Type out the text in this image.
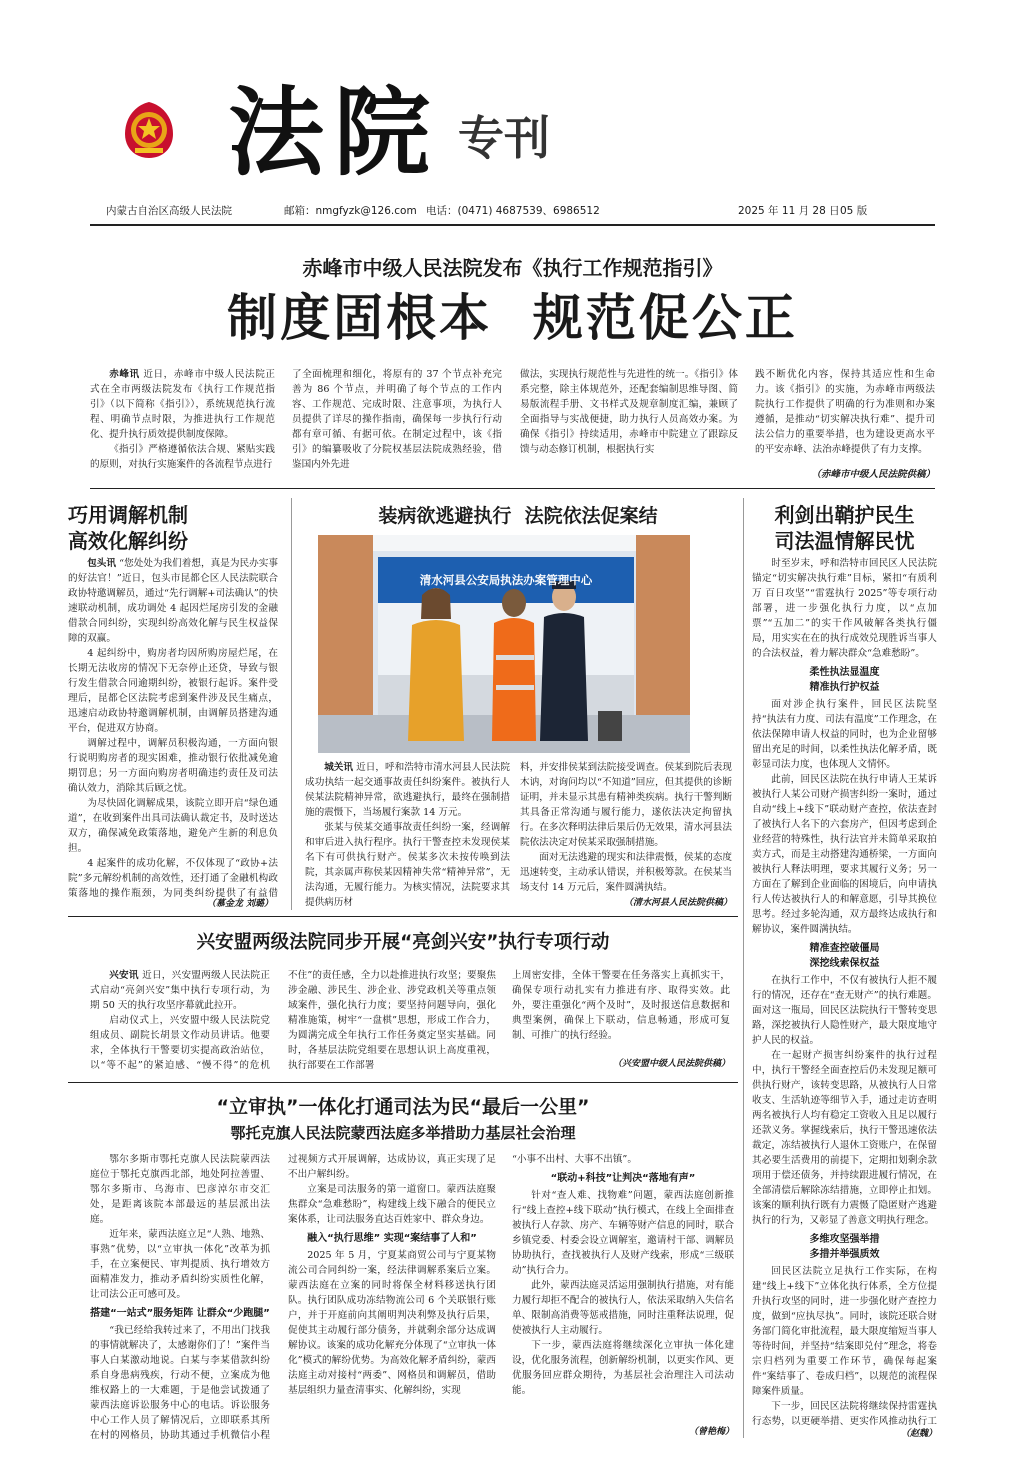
法院 专刊
内蒙古自治区高级人民法院	邮箱：nmgfyzk@126.com 电话：(0471) 4687539、6986512	2025 年 11 月 28 日 05 版
赤峰市中级人民法院发布《执行工作规范指引》
制度固根本  规范促公正

赤峰讯 近日，赤峰市中级人民法院正式在全市两级法院发布《执行工作规范指引》（以下简称《指引》），系统规范执行流程、明确节点时限，为推进执行工作规范化、提升执行质效提供制度保障。

《指引》严格遵循依法合规、紧贴实践的原则，对执行实施案件的各流程节点进行

了全面梳理和细化，将原有的 37 个节点补充完善为 86 个节点，并明确了每个节点的工作内容、工作规范、完成时限、注意事项，为执行人员提供了详尽的操作指南，确保每一步执行行动都有章可循、有据可依。在制定过程中，该《指引》的编纂吸收了分院权基层法院成熟经验，借鉴国内外先进

做法，实现执行规范性与先进性的统一。《指引》体系完整，除主体规范外，还配套编制思维导图、简易版流程手册、文书样式及规章制度汇编，兼顾了全面指导与实战便捷，助力执行人员高效办案。为确保《指引》持续适用，赤峰市中院建立了跟踪反馈与动态修订机制，根据执行实

践不断优化内容，保持其适应性和生命力。该《指引》的实施，为赤峰市两级法院执行工作提供了明确的行为准则和办案遵循，是推动“切实解决执行难”、提升司法公信力的重要举措，也为建设更高水平的平安赤峰、法治赤峰提供了有力支撑。

（赤峰市中级人民法院供稿）
巧用调解机制
高效化解纠纷

包头讯 “您处处为我们着想，真是为民办实事的好法官！”近日，包头市昆都仑区人民法院联合政协特邀调解员，通过“先行调解+司法确认”的快速联动机制，成功调处 4 起因烂尾房引发的金融借款合同纠纷，实现纠纷高效化解与民生权益保障的双赢。

4 起纠纷中，购房者均因所购房屋烂尾，在长期无法收房的情况下无奈停止还贷，导致与银行发生借款合同逾期纠纷，被银行起诉。案件受理后，昆都仑区法院考虑到案件涉及民生痛点，迅速启动政协特邀调解机制，由调解员搭建沟通平台，促进双方协商。

调解过程中，调解员积极沟通，一方面向银行说明购房者的现实困难，推动银行依批减免逾期罚息；另一方面向购房者明确违约责任及司法确认效力，消除其后顾之忧。

为尽快固化调解成果，该院立即开启“绿色通道”，在收到案件出具司法确认裁定书，及时送达双方，确保减免政策落地，避免产生新的利息负担。

4 起案件的成功化解，不仅体现了“政协+法院”多元解纷机制的高效性，还打通了金融机构政策落地的操作瓶颈，为同类纠纷提供了有益借

（慕金龙 刘璐）
装病欲逃避执行  法院依法促案结
清水河县公安局执法办案管理中心

城关讯 近日，呼和浩特市清水河县人民法院成功执结一起交通事故责任纠纷案件。被执行人侯某法院精神异常，欲逃避执行，最终在强制措施的震慑下，当场履行案款 14 万元。

张某与侯某交通事故责任纠纷一案，经调解和审后进入执行程序。执行干警查控未发现侯某名下有可供执行财产。侯某多次未按传唤到法院，其亲属声称侯某因精神失常“精神异常”，无法沟通，无履行能力。为核实情况，法院要求其提供病历材

料，并安排侯某到法院接受调查。侯某到院后表现木讷，对询问均以“不知道”回应，但其提供的诊断证明，并未显示其患有精神类疾病。执行干警判断其具备正常沟通与履行能力，遂依法决定拘留执行。在多次释明法律后果后仍无效果，清水河县法院依法决定对侯某采取强制措施。

面对无法逃避的现实和法律震慑，侯某的态度迅速转变，主动承认错误，并积极筹款。在侯某当场支付 14 万元后，案件圆满执结。

（清水河县人民法院供稿）
利剑出鞘护民生
司法温情解民忧

时至岁末，呼和浩特市回民区人民法院锚定“切实解决执行难”目标，紧扣“有质利万 百日攻坚”“雷霆执行 2025”等专项行动部署，进一步强化执行力度，以“点加票”“五加二”的实干作风破解各类执行僵局，用实实在在的执行成效兑现胜诉当事人的合法权益，着力解决群众“急难愁盼”。

柔性执法显温度

精准执行护权益

面对涉企执行案件，回民区法院坚持“执法有力度、司法有温度”工作理念，在依法保障申请人权益的同时，也为企业留够留出充足的时间，以柔性执法化解矛盾，既彰显司法力度，也体现人文情怀。

此前，回民区法院在执行申请人王某诉被执行人某公司财产损害纠纷一案时，通过自动“线上+线下”联动财产查控，依法查封了被执行人名下的六套房产，但因考虑到企业经营的特殊性，执行法官并未简单采取拍卖方式，而是主动搭建沟通桥梁，一方面向被执行人释法明理，要求其履行义务；另一方面在了解到企业面临的困境后，向申请执行人传达被执行人的和解意愿，引导其换位思考。经过多轮沟通，双方最终达成执行和解协议，案件圆满执结。

精准查控破僵局

深挖线索保权益

在执行工作中，不仅有被执行人拒不履行的情况，还存在“查无财产”的执行难题。面对这一瓶局，回民区法院执行干警转变思路，深挖被执行人隐性财产，最大限度地守护人民的权益。

在一起财产损害纠纷案件的执行过程中，执行干警经全面查控后仍未发现足额可供执行财产，该转变思路，从被执行人日常收支、生活轨迹等细节入手，通过走访查明两名被执行人均有稳定工资收入且足以履行还款义务。掌握线索后，执行干警迅速依法裁定，冻结被执行人退休工资账户，在保留其必要生活费用的前提下，定期扣划剩余款项用于偿还债务，并持续跟进履行情况，在全部清偿后解除冻结措施，立即停止扣划。该案的顺利执行既有力震慑了隐匿财产逃避执行的行为，又彰显了善意文明执行理念。

多维攻坚强举措

多措并举强质效

回民区法院立足执行工作实际，在构建“线上+线下”立体化执行体系，全方位提升执行攻坚的同时，进一步强化财产查控力度，做到“应执尽执”。同时，该院还联合财务部门简化审批流程，最大限度缩短当事人等待时间，并坚持“结案即兑付”理念，将卷宗归档列为重要工作环节，确保每起案件“案结事了、卷成归档”，以规范的流程保障案件质量。

下一步，回民区法院将继续保持雷霆执行态势，以更硬举措、更实作风推动执行工

（赵魏）
兴安盟两级法院同步开展“亮剑兴安”执行专项行动

兴安讯 近日，兴安盟两级人民法院正式启动“亮剑兴安”集中执行专项行动，为期 50 天的执行攻坚序幕就此拉开。

启动仪式上，兴安盟中级人民法院党组成员、副院长胡景文作动员讲话。他要求，全体执行干警要切实提高政治站位，以“等不起”的紧迫感、“慢不得”的危机

不住”的责任感，全力以赴推进执行攻坚；要聚焦涉金融、涉民生、涉企业、涉党政机关等重点领域案件，强化执行力度；要坚持问题导向，强化精准施策，树牢“一盘棋”思想，形成工作合力，为圆满完成全年执行工作任务奠定坚实基础。同时，各基层法院党组要在思想认识上高度重视，执行部要在工作部署

上周密安排，全体干警要在任务落实上真抓实干，确保专项行动扎实有力推进有序、取得实效。此外，要注重强化“两个及时”，及时报送信息数据和典型案例，确保上下联动，信息畅通，形成可复制、可推广的执行经验。

（兴安盟中级人民法院供稿）
“立审执”一体化打通司法为民“最后一公里”
鄂托克旗人民法院蒙西法庭多举措助力基层社会治理

鄂尔多斯市鄂托克旗人民法院蒙西法庭位于鄂托克旗西北部，地处阿拉善盟、鄂尔多斯市、乌海市、巴彦淖尔市交汇处，是距离该院本部最远的基层派出法庭。

近年来，蒙西法庭立足“人熟、地熟、事熟”优势，以“立审执一体化”改革为抓手，在立案便民、审判提质、执行增效方面精准发力，推动矛盾纠纷实质性化解，让司法公正可感可及。

搭建“一站式”服务矩阵 让群众“少跑腿”

“我已经给我转过来了，不用出门找我的事情就解决了，太感谢你们了！”案件当事人白某激动地说。白某与李某借款纠纷系自身患病残疾，行动不便，立案成为他维权路上的一大难题，于是他尝试拨通了蒙西法庭诉讼服务中心的电话。诉讼服务中心工作人员了解情况后，立即联系其所在村的网格员，协助其通过手机微信小程

过视频方式开展调解，达成协议，真正实现了足不出户解纠纷。

立案是司法服务的第一道窗口。蒙西法庭聚焦群众“急难愁盼”，构建线上线下融合的便民立案体系，让司法服务直达百姓家中、群众身边。

融入“执行思维” 实现“案结事了人和”

2025 年 5 月，宁夏某商贸公司与宁夏某物流公司合同纠纷一案，经法律调解系案后立案。蒙西法庭在立案的同时将保全材料移送执行团队。执行团队成功冻结物流公司 6 个关联银行账户，并于开庭前向其阐明判决利弊及执行后果，促使其主动履行部分债务，并就剩余部分达成调解协议。该案的成功化解充分体现了“立审执一体化”模式的解纷优势。为高效化解矛盾纠纷，蒙西法庭主动对接村“两委”、网格员和调解员，借助基层组织力量查清事实、化解纠纷，实现

“小事不出村、大事不出镇”。

“联动+科技”让判决“落地有声”

针对“查人难、找物难”问题，蒙西法庭创新推行“线上查控+线下联动”执行模式，在线上全面排查被执行人存款、房产、车辆等财产信息的同时，联合乡镇党委、村委会设立调解室，邀请村干部、调解员协助执行，查找被执行人及财产线索，形成“三级联动”执行合力。

此外，蒙西法庭灵活运用强制执行措施，对有能力履行却拒不配合的被执行人，依法采取纳入失信名单、限制高消费等惩戒措施，同时注重释法说理，促使被执行人主动履行。

下一步，蒙西法庭将继续深化立审执一体化建设，优化服务流程，创新解纷机制，以更实作风、更优服务回应群众期待，为基层社会治理注入司法动能。

（曾艳梅）
